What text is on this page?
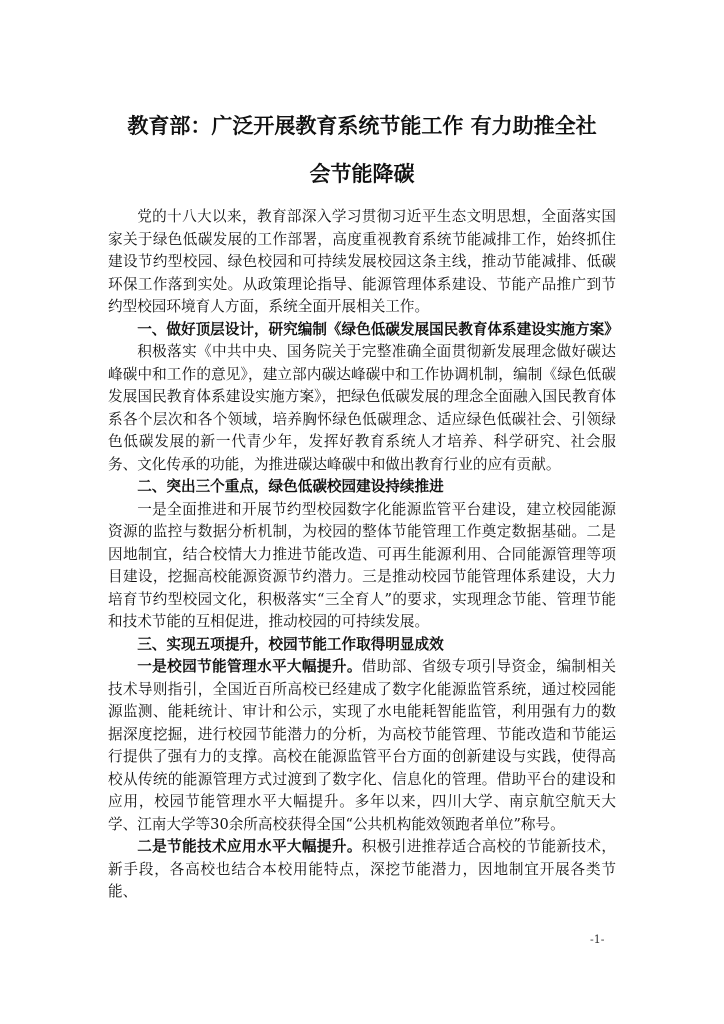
教育部：广泛开展教育系统节能工作 有力助推全社
会节能降碳

党的十八大以来，教育部深入学习贯彻习近平生态文明思想，全面落实国家关于绿色低碳发展的工作部署，高度重视教育系统节能减排工作，始终抓住建设节约型校园、绿色校园和可持续发展校园这条主线，推动节能减排、低碳环保工作落到实处。从政策理论指导、能源管理体系建设、节能产品推广到节约型校园环境育人方面，系统全面开展相关工作。

一、做好顶层设计，研究编制《绿色低碳发展国民教育体系建设实施方案》

积极落实《中共中央、国务院关于完整准确全面贯彻新发展理念做好碳达峰碳中和工作的意见》，建立部内碳达峰碳中和工作协调机制，编制《绿色低碳发展国民教育体系建设实施方案》，把绿色低碳发展的理念全面融入国民教育体系各个层次和各个领域，培养胸怀绿色低碳理念、适应绿色低碳社会、引领绿色低碳发展的新一代青少年，发挥好教育系统人才培养、科学研究、社会服务、文化传承的功能，为推进碳达峰碳中和做出教育行业的应有贡献。

二、突出三个重点，绿色低碳校园建设持续推进

一是全面推进和开展节约型校园数字化能源监管平台建设，建立校园能源资源的监控与数据分析机制，为校园的整体节能管理工作奠定数据基础。二是因地制宜，结合校情大力推进节能改造、可再生能源利用、合同能源管理等项目建设，挖掘高校能源资源节约潜力。三是推动校园节能管理体系建设，大力培育节约型校园文化，积极落实“三全育人”的要求，实现理念节能、管理节能和技术节能的互相促进，推动校园的可持续发展。

三、实现五项提升，校园节能工作取得明显成效

一是校园节能管理水平大幅提升。借助部、省级专项引导资金，编制相关技术导则指引，全国近百所高校已经建成了数字化能源监管系统，通过校园能源监测、能耗统计、审计和公示，实现了水电能耗智能监管，利用强有力的数据深度挖掘，进行校园节能潜力的分析，为高校节能管理、节能改造和节能运行提供了强有力的支撑。高校在能源监管平台方面的创新建设与实践，使得高校从传统的能源管理方式过渡到了数字化、信息化的管理。借助平台的建设和应用，校园节能管理水平大幅提升。多年以来，四川大学、南京航空航天大学、江南大学等30余所高校获得全国“公共机构能效领跑者单位”称号。

二是节能技术应用水平大幅提升。积极引进推荐适合高校的节能新技术，新手段，各高校也结合本校用能特点，深挖节能潜力，因地制宜开展各类节能、

-1-
